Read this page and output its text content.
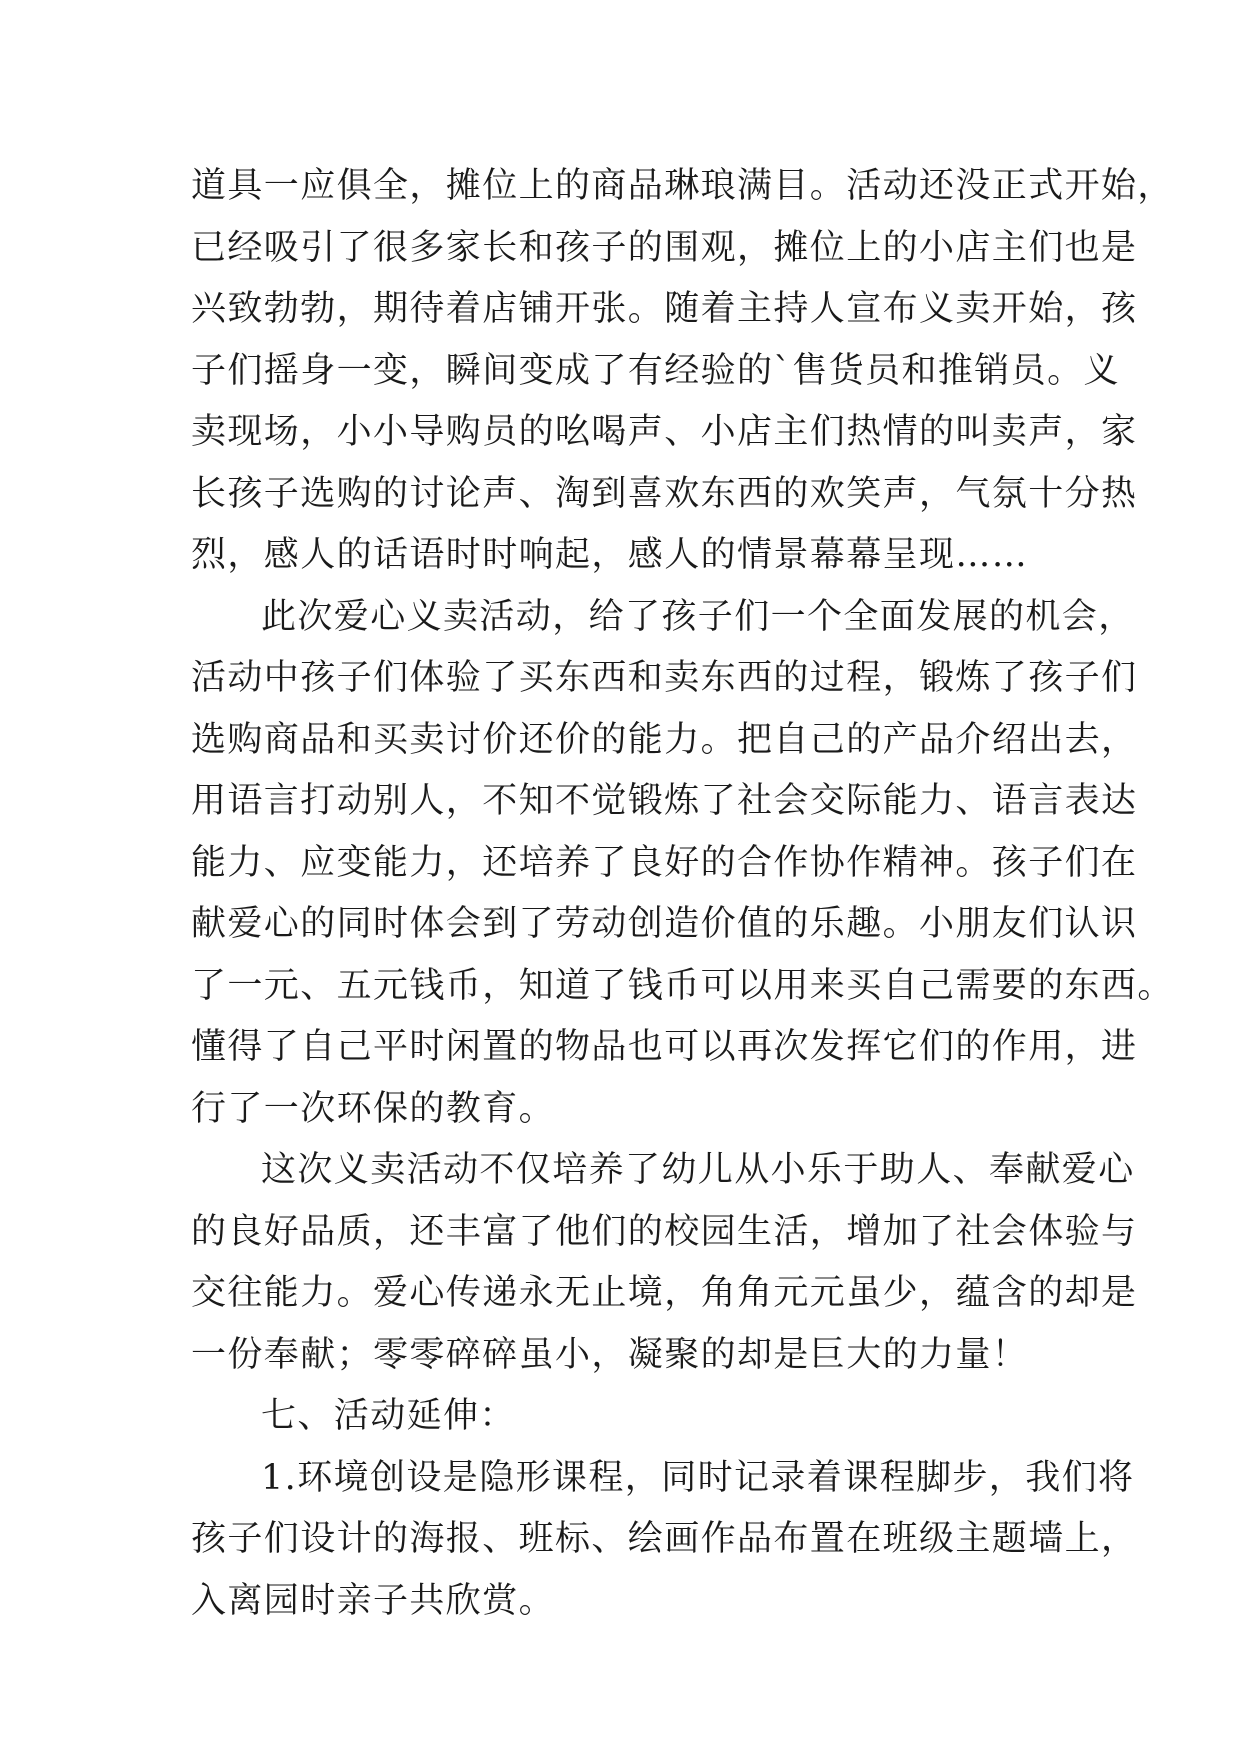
道具一应俱全，摊位上的商品琳琅满目。活动还没正式开始，
已经吸引了很多家长和孩子的围观，摊位上的小店主们也是
兴致勃勃，期待着店铺开张。随着主持人宣布义卖开始，孩
子们摇身一变，瞬间变成了有经验的`售货员和推销员。义
卖现场，小小导购员的吆喝声、小店主们热情的叫卖声，家
长孩子选购的讨论声、淘到喜欢东西的欢笑声，气氛十分热
烈，感人的话语时时响起，感人的情景幕幕呈现……
此次爱心义卖活动，给了孩子们一个全面发展的机会，
活动中孩子们体验了买东西和卖东西的过程，锻炼了孩子们
选购商品和买卖讨价还价的能力。把自己的产品介绍出去，
用语言打动别人，不知不觉锻炼了社会交际能力、语言表达
能力、应变能力，还培养了良好的合作协作精神。孩子们在
献爱心的同时体会到了劳动创造价值的乐趣。小朋友们认识
了一元、五元钱币，知道了钱币可以用来买自己需要的东西。
懂得了自己平时闲置的物品也可以再次发挥它们的作用，进
行了一次环保的教育。
这次义卖活动不仅培养了幼儿从小乐于助人、奉献爱心
的良好品质，还丰富了他们的校园生活，增加了社会体验与
交往能力。爱心传递永无止境，角角元元虽少，蕴含的却是
一份奉献；零零碎碎虽小，凝聚的却是巨大的力量！
七、活动延伸：
1.环境创设是隐形课程，同时记录着课程脚步，我们将
孩子们设计的海报、班标、绘画作品布置在班级主题墙上，
入离园时亲子共欣赏。
